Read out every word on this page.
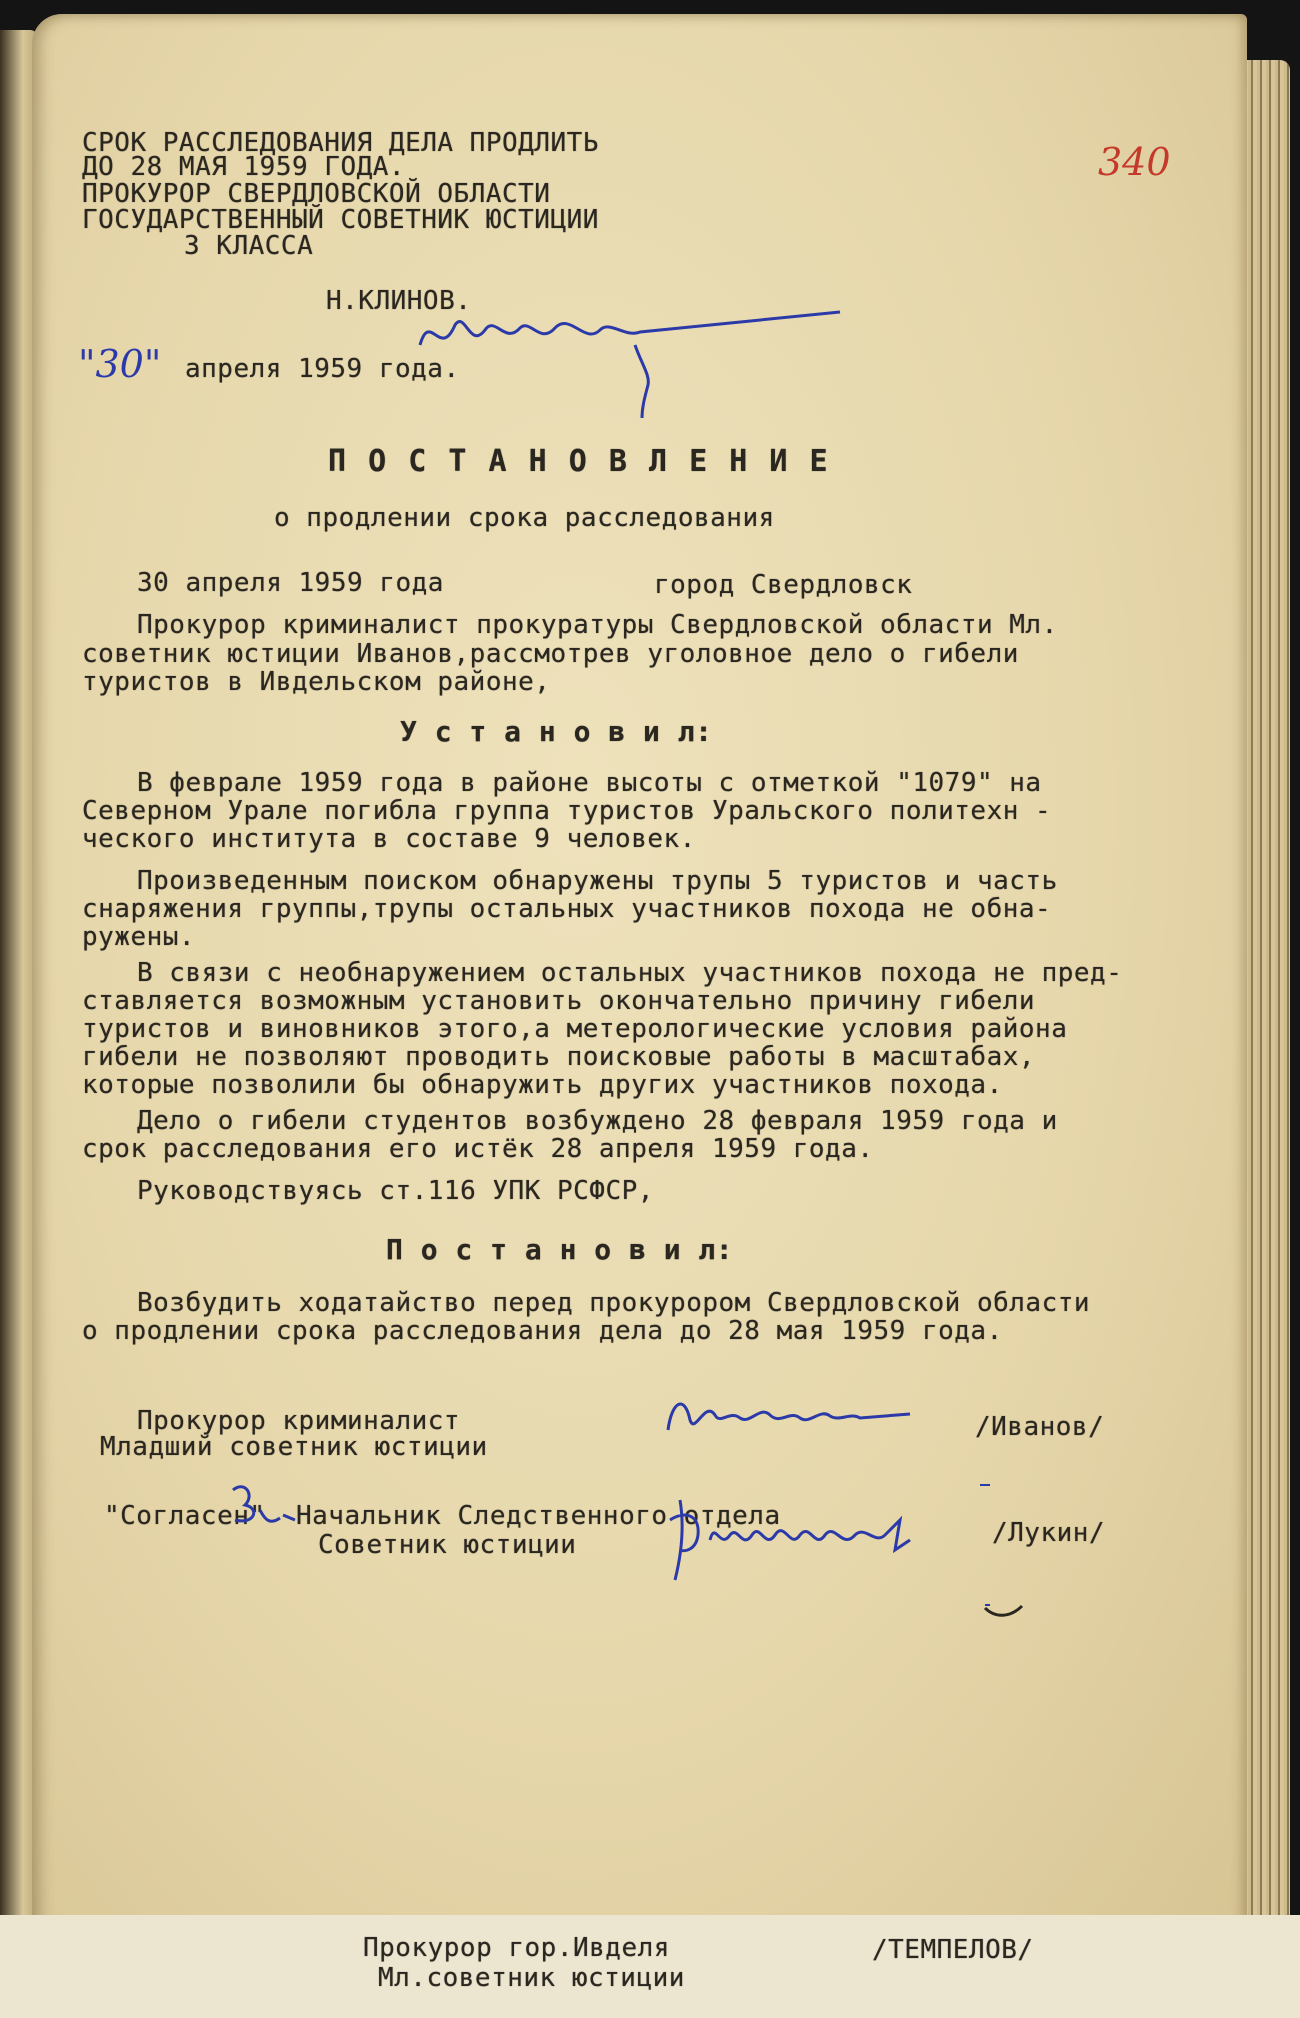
СРОК РАССЛЕДОВАНИЯ ДЕЛА ПРОДЛИТЬ
ДО 28 МАЯ 1959 ГОДА.
ПРОКУРОР СВЕРДЛОВСКОЙ ОБЛАСТИ
ГОСУДАРСТВЕННЫЙ СОВЕТНИК ЮСТИЦИИ
3 КЛАССА
Н.КЛИНОВ.
"30" апреля 1959 года.
340
П О С Т А Н О В Л Е Н И Е
о продлении срока расследования
30 апреля 1959 года	город Свердловск
Прокурор криминалист прокуратуры Свердловской области Мл.
советник юстиции Иванов,рассмотрев уголовное дело о гибели
туристов в Ивдельском районе,
У с т а н о в и л:
В феврале 1959 года в районе высоты с отметкой "1079" на
Северном Урале погибла группа туристов Уральского политехн -
ческого института в составе 9 человек.
Произведенным поиском обнаружены трупы 5 туристов и часть
снаряжения группы,трупы остальных участников похода не обна-
ружены.
В связи с необнаружением остальных участников похода не пред-
ставляется возможным установить окончательно причину гибели
туристов и виновников этого,а метерологические условия района
гибели не позволяют проводить поисковые работы в масштабах,
которые позволили бы обнаружить других участников похода.
Дело о гибели студентов возбуждено 28 февраля 1959 года и
срок расследования его истёк 28 апреля 1959 года.
Руководствуясь ст.116 УПК РСФСР,
П о с т а н о в и л:
Возбудить ходатайство перед прокурором Свердловской области
о продлении срока расследования дела до 28 мая 1959 года.
Прокурор криминалист
Младший советник юстиции
/Иванов/
"Согласен" Начальник Следственного отдела
Советник юстиции	/Лукин/
Прокурор гор.Ивделя
Мл.советник юстиции
/ТЕМПЕЛОВ/
